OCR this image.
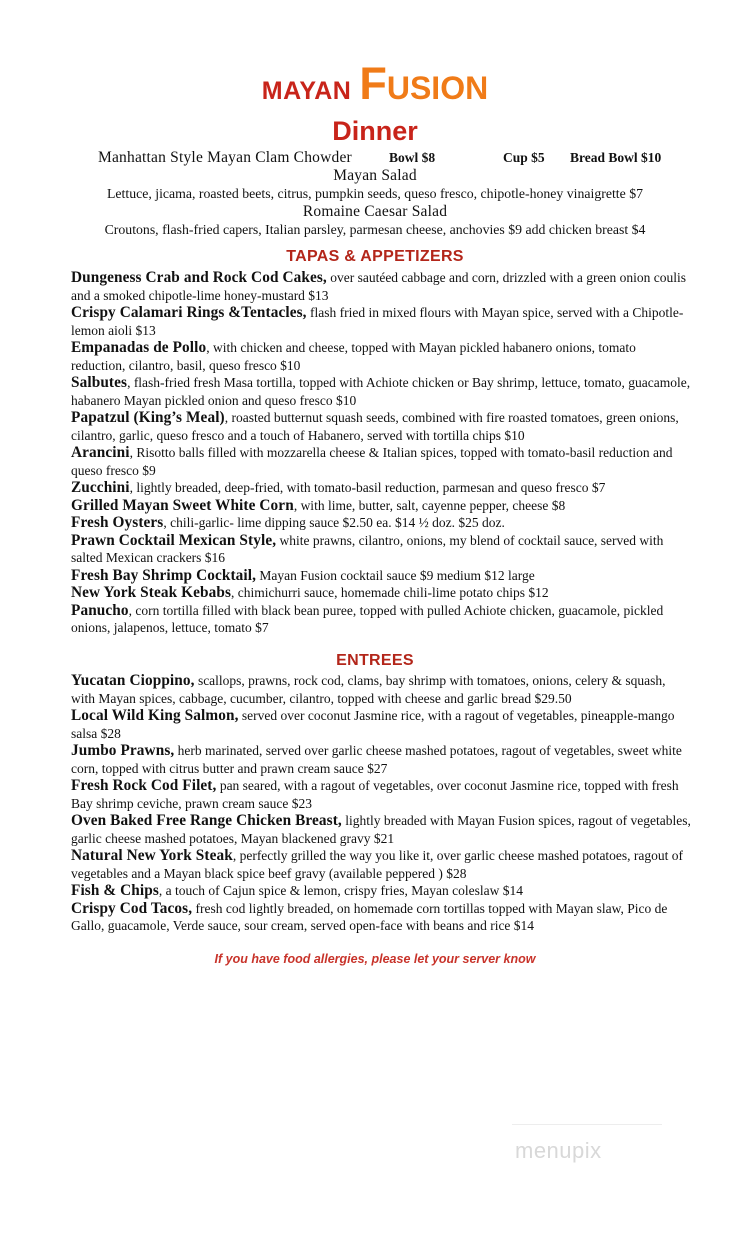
MAYAN Fusion
Dinner
Manhattan Style Mayan Clam Chowder	Bowl $8	Cup $5 Bread Bowl $10
Mayan Salad
Lettuce, jicama, roasted beets, citrus, pumpkin seeds, queso fresco, chipotle-honey vinaigrette $7
Romaine Caesar Salad
Croutons, flash-fried capers, Italian parsley, parmesan cheese, anchovies $9 add chicken breast $4
TAPAS & APPETIZERS

Dungeness Crab and Rock Cod Cakes, over sautéed cabbage and corn, drizzled with a green onion coulis and a smoked chipotle-lime honey-mustard $13

Crispy Calamari Rings &Tentacles, flash fried in mixed flours with Mayan spice, served with a Chipotle-lemon aioli $13

Empanadas de Pollo, with chicken and cheese, topped with Mayan pickled habanero onions, tomato reduction, cilantro, basil, queso fresco $10

Salbutes, flash-fried fresh Masa tortilla, topped with Achiote chicken or Bay shrimp, lettuce, tomato, guacamole, habanero Mayan pickled onion and queso fresco $10

Papatzul (King’s Meal), roasted butternut squash seeds, combined with fire roasted tomatoes, green onions, cilantro, garlic, queso fresco and a touch of Habanero, served with tortilla chips $10

Arancini, Risotto balls filled with mozzarella cheese & Italian spices, topped with tomato-basil reduction and queso fresco $9

Zucchini, lightly breaded, deep-fried, with tomato-basil reduction, parmesan and queso fresco $7

Grilled Mayan Sweet White Corn, with lime, butter, salt, cayenne pepper, cheese $8

Fresh Oysters, chili-garlic- lime dipping sauce $2.50 ea. $14 ½ doz. $25 doz.

Prawn Cocktail Mexican Style, white prawns, cilantro, onions, my blend of cocktail sauce, served with salted Mexican crackers $16

Fresh Bay Shrimp Cocktail, Mayan Fusion cocktail sauce $9 medium $12 large

New York Steak Kebabs, chimichurri sauce, homemade chili-lime potato chips $12

Panucho, corn tortilla filled with black bean puree, topped with pulled Achiote chicken, guacamole, pickled onions, jalapenos, lettuce, tomato $7

ENTREES

Yucatan Cioppino, scallops, prawns, rock cod, clams, bay shrimp with tomatoes, onions, celery & squash, with Mayan spices, cabbage, cucumber, cilantro, topped with cheese and garlic bread $29.50

Local Wild King Salmon, served over coconut Jasmine rice, with a ragout of vegetables, pineapple-mango salsa $28

Jumbo Prawns, herb marinated, served over garlic cheese mashed potatoes, ragout of vegetables, sweet white corn, topped with citrus butter and prawn cream sauce $27

Fresh Rock Cod Filet, pan seared, with a ragout of vegetables, over coconut Jasmine rice, topped with fresh Bay shrimp ceviche, prawn cream sauce $23

Oven Baked Free Range Chicken Breast, lightly breaded with Mayan Fusion spices, ragout of vegetables, garlic cheese mashed potatoes, Mayan blackened gravy $21

Natural New York Steak, perfectly grilled the way you like it, over garlic cheese mashed potatoes, ragout of vegetables and a Mayan black spice beef gravy (available peppered ) $28

Fish & Chips, a touch of Cajun spice & lemon, crispy fries, Mayan coleslaw $14

Crispy Cod Tacos, fresh cod lightly breaded, on homemade corn tortillas topped with Mayan slaw, Pico de Gallo, guacamole, Verde sauce, sour cream, served open-face with beans and rice $14

If you have food allergies, please let your server know
menupix
